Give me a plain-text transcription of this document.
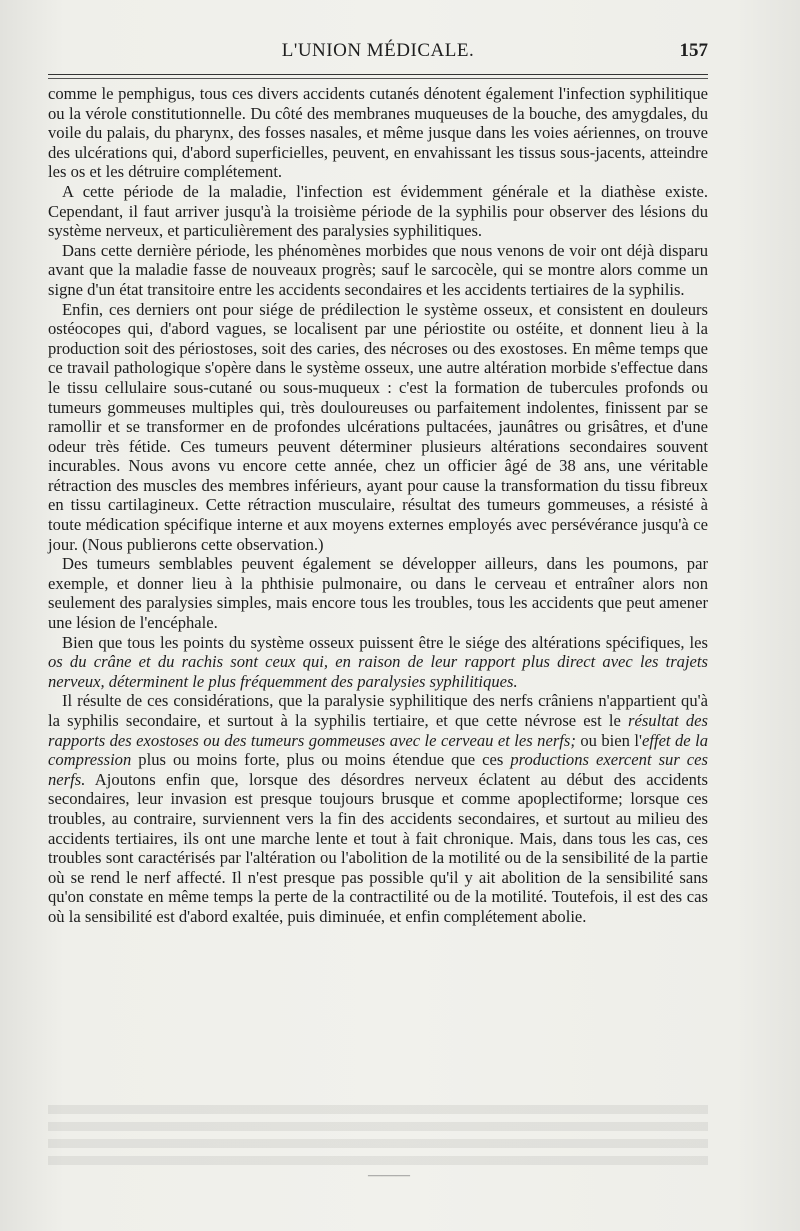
L'UNION MÉDICALE.	157

comme le pemphigus, tous ces divers accidents cutanés dénotent également l'infection syphilitique ou la vérole constitutionnelle. Du côté des membranes muqueuses de la bouche, des amygdales, du voile du palais, du pharynx, des fosses nasales, et même jusque dans les voies aériennes, on trouve des ulcérations qui, d'abord superficielles, peuvent, en envahissant les tissus sous-jacents, atteindre les os et les détruire complétement.

A cette période de la maladie, l'infection est évidemment générale et la diathèse existe. Cependant, il faut arriver jusqu'à la troisième période de la syphilis pour observer des lésions du système nerveux, et particulièrement des paralysies syphilitiques.

Dans cette dernière période, les phénomènes morbides que nous venons de voir ont déjà disparu avant que la maladie fasse de nouveaux progrès; sauf le sarcocèle, qui se montre alors comme un signe d'un état transitoire entre les accidents secondaires et les accidents tertiaires de la syphilis.

Enfin, ces derniers ont pour siége de prédilection le système osseux, et consistent en douleurs ostéocopes qui, d'abord vagues, se localisent par une périostite ou ostéite, et donnent lieu à la production soit des périostoses, soit des caries, des nécroses ou des exostoses. En même temps que ce travail pathologique s'opère dans le système osseux, une autre altération morbide s'effectue dans le tissu cellulaire sous-cutané ou sous-muqueux : c'est la formation de tubercules profonds ou tumeurs gommeuses multiples qui, très douloureuses ou parfaitement indolentes, finissent par se ramollir et se transformer en de profondes ulcérations pultacées, jaunâtres ou grisâtres, et d'une odeur très fétide. Ces tumeurs peuvent déterminer plusieurs altérations secondaires souvent incurables. Nous avons vu encore cette année, chez un officier âgé de 38 ans, une véritable rétraction des muscles des membres inférieurs, ayant pour cause la transformation du tissu fibreux en tissu cartilagineux. Cette rétraction musculaire, résultat des tumeurs gommeuses, a résisté à toute médication spécifique interne et aux moyens externes employés avec persévérance jusqu'à ce jour. (Nous publierons cette observation.)

Des tumeurs semblables peuvent également se développer ailleurs, dans les poumons, par exemple, et donner lieu à la phthisie pulmonaire, ou dans le cerveau et entraîner alors non seulement des paralysies simples, mais encore tous les troubles, tous les accidents que peut amener une lésion de l'encéphale.

Bien que tous les points du système osseux puissent être le siége des altérations spécifiques, les os du crâne et du rachis sont ceux qui, en raison de leur rapport plus direct avec les trajets nerveux, déterminent le plus fréquemment des paralysies syphilitiques.

Il résulte de ces considérations, que la paralysie syphilitique des nerfs crâniens n'appartient qu'à la syphilis secondaire, et surtout à la syphilis tertiaire, et que cette névrose est le résultat des rapports des exostoses ou des tumeurs gommeuses avec le cerveau et les nerfs; ou bien l'effet de la compression plus ou moins forte, plus ou moins étendue que ces productions exercent sur ces nerfs. Ajoutons enfin que, lorsque des désordres nerveux éclatent au début des accidents secondaires, leur invasion est presque toujours brusque et comme apoplectiforme; lorsque ces troubles, au contraire, surviennent vers la fin des accidents secondaires, et surtout au milieu des accidents tertiaires, ils ont une marche lente et tout à fait chronique. Mais, dans tous les cas, ces troubles sont caractérisés par l'altération ou l'abolition de la motilité ou de la sensibilité de la partie où se rend le nerf affecté. Il n'est presque pas possible qu'il y ait abolition de la sensibilité sans qu'on constate en même temps la perte de la contractilité ou de la motilité. Toutefois, il est des cas où la sensibilité est d'abord exaltée, puis diminuée, et enfin complétement abolie.

———
